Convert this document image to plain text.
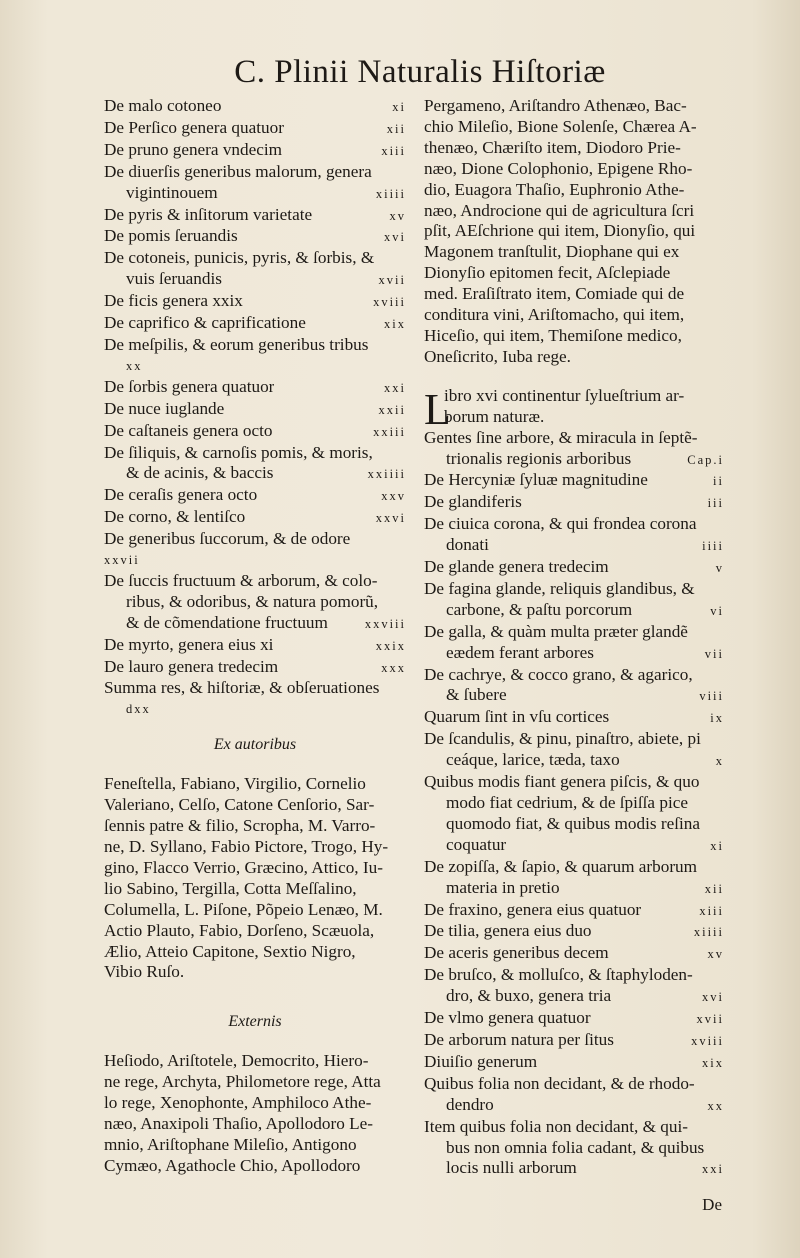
C. Plinii Naturalis Hiſtoriæ
De malo cotoneo	xi
De Perſico genera quatuor	xii
De pruno genera vndecim	xiii
De diuerſis generibus malorum, genera
vigintinouem	xiiii
De pyris & inſitorum varietate	xv
De pomis ſeruandis	xvi
De cotoneis, punicis, pyris, & ſorbis, &
vuis ſeruandis	xvii
De ficis genera xxix	xviii
De caprifico & caprificatione	xix
De meſpilis, & eorum generibus tribus
xx
De ſorbis genera quatuor	xxi
De nuce iuglande	xxii
De caſtaneis genera octo	xxiii
De ſiliquis, & carnoſis pomis, & moris,
& de acinis, & baccis	xxiiii
De ceraſis genera octo	xxv
De corno, & lentiſco	xxvi
De generibus ſuccorum, & de odore
xxvii
De ſuccis fructuum & arborum, & colo-
ribus, & odoribus, & natura pomorũ,
& de cõmendatione fructuum	xxviii
De myrto, genera eius xi	xxix
De lauro genera tredecim	xxx
Summa res, & hiſtoriæ, & obſeruationes
dxx
Ex autoribus
Feneſtella, Fabiano, Virgilio, Cornelio
Valeriano, Celſo, Catone Cenſorio, Sar-
ſennis patre & filio, Scropha, M. Varro-
ne, D. Syllano, Fabio Pictore, Trogo, Hy-
gino, Flacco Verrio, Græcino, Attico, Iu-
lio Sabino, Tergilla, Cotta Meſſalino,
Columella, L. Piſone, Põpeio Lenæo, M.
Actio Plauto, Fabio, Dorſeno, Scæuola,
Ælio, Atteio Capitone, Sextio Nigro,
Vibio Ruſo.
Externis
Heſiodo, Ariſtotele, Democrito, Hiero-
ne rege, Archyta, Philometore rege, Atta
lo rege, Xenophonte, Amphiloco Athe-
næo, Anaxipoli Thaſio, Apollodoro Le-
mnio, Ariſtophane Mileſio, Antigono
Cymæo, Agathocle Chio, Apollodoro
Pergameno, Ariſtandro Athenæo, Bac-
chio Mileſio, Bione Solenſe, Chærea A-
thenæo, Chæriſto item, Diodoro Prie-
næo, Dione Colophonio, Epigene Rho-
dio, Euagora Thaſio, Euphronio Athe-
næo, Androcione qui de agricultura ſcri
pſit, AEſchrione qui item, Dionyſio, qui
Magonem tranſtulit, Diophane qui ex
Dionyſio epitomen fecit, Aſclepiade
med. Eraſiſtrato item, Comiade qui de
conditura vini, Ariſtomacho, qui item,
Hiceſio, qui item, Themiſone medico,
Oneſicrito, Iuba rege.
L
ibro xvi continentur ſylueſtrium ar-
borum naturæ.
Gentes ſine arbore, & miracula in ſeptẽ-
trionalis regionis arboribus	Cap.i
De Hercyniæ ſyluæ magnitudine	ii
De glandiferis	iii
De ciuica corona, & qui frondea corona
donati	iiii
De glande genera tredecim	v
De fagina glande, reliquis glandibus, &
carbone, & paſtu porcorum	vi
De galla, & quàm multa præter glandẽ
eædem ferant arbores	vii
De cachrye, & cocco grano, & agarico,
& ſubere	viii
Quarum ſint in vſu cortices	ix
De ſcandulis, & pinu, pinaſtro, abiete, pi
ceáque, larice, tæda, taxo	x
Quibus modis fiant genera piſcis, & quo
modo fiat cedrium, & de ſpiſſa pice
quomodo fiat, & quibus modis reſina
coquatur	xi
De zopiſſa, & ſapio, & quarum arborum
materia in pretio	xii
De fraxino, genera eius quatuor	xiii
De tilia, genera eius duo	xiiii
De aceris generibus decem	xv
De bruſco, & molluſco, & ſtaphyloden-
dro, & buxo, genera tria	xvi
De vlmo genera quatuor	xvii
De arborum natura per ſitus	xviii
Diuiſio generum	xix
Quibus folia non decidant, & de rhodo-
dendro	xx
Item quibus folia non decidant, & qui-
bus non omnia folia cadant, & quibus
locis nulli arborum	xxi
De
